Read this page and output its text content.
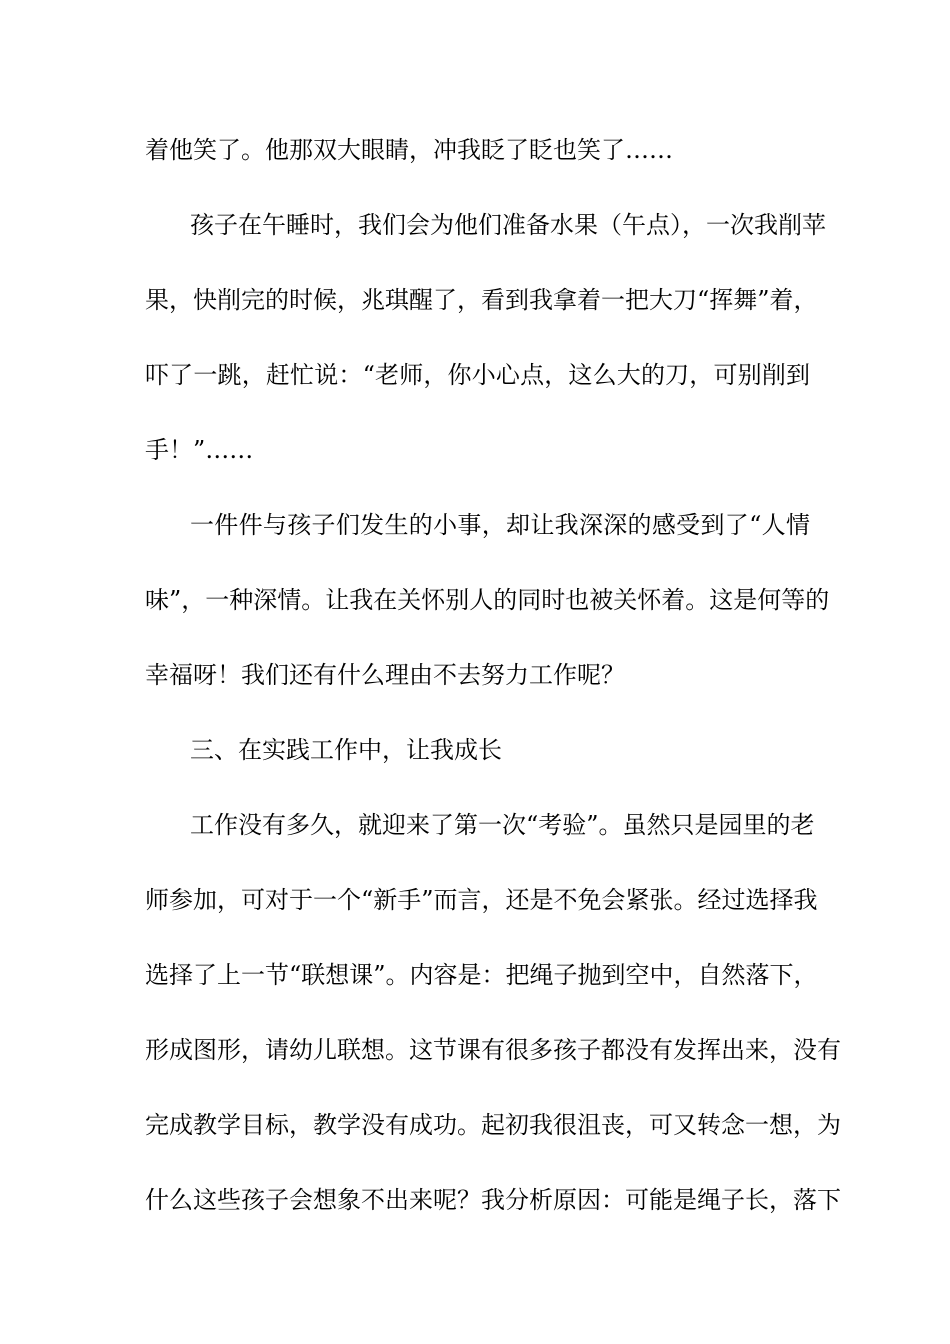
着他笑了。他那双大眼睛，冲我眨了眨也笑了……
孩子在午睡时，我们会为他们准备水果（午点），一次我削苹
果，快削完的时候，兆琪醒了，看到我拿着一把大刀“挥舞”着，
吓了一跳，赶忙说：“老师，你小心点，这么大的刀，可别削到
手！”……
一件件与孩子们发生的小事，却让我深深的感受到了“人情
味”，一种深情。让我在关怀别人的同时也被关怀着。这是何等的
幸福呀！我们还有什么理由不去努力工作呢？
三、在实践工作中，让我成长
工作没有多久，就迎来了第一次“考验”。虽然只是园里的老
师参加，可对于一个“新手”而言，还是不免会紧张。经过选择我
选择了上一节“联想课”。内容是：把绳子抛到空中，自然落下，
形成图形，请幼儿联想。这节课有很多孩子都没有发挥出来，没有
完成教学目标，教学没有成功。起初我很沮丧，可又转念一想，为
什么这些孩子会想象不出来呢？我分析原因：可能是绳子长，落下
